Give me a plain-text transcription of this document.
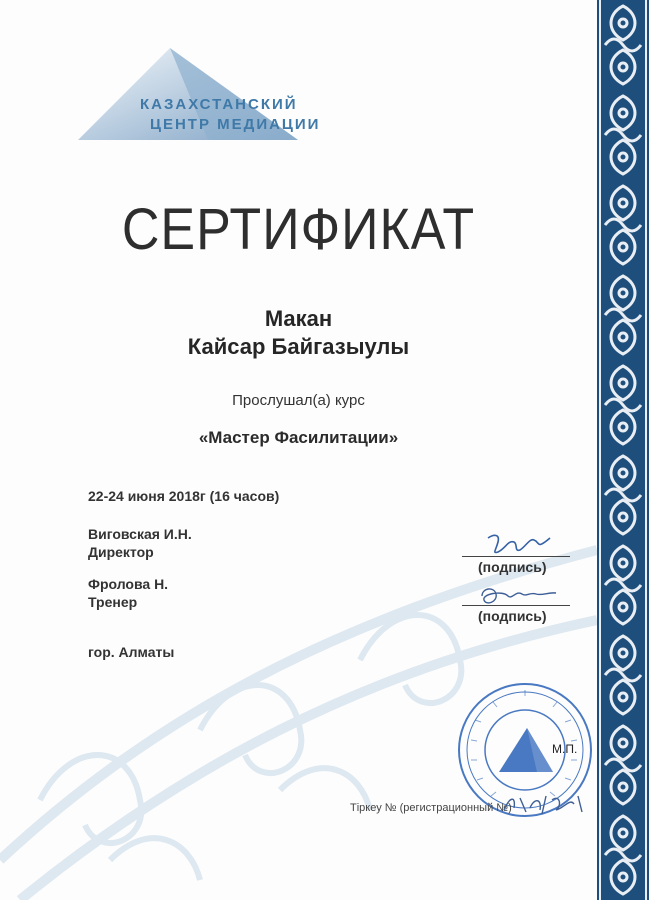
КАЗАХСТАНСКИЙ
ЦЕНТР МЕДИАЦИИ
СЕРТИФИКАТ
Макан
Кайсар Байгазыулы
Прослушал(а) курс
«Мастер Фасилитации»
22-24 июня 2018г (16 часов)
Виговская И.Н.
Директор
Фролова Н.
Тренер
гор. Алматы
(подпись)
(подпись)
М.П.
Тіркеу № (регистрационный №)
